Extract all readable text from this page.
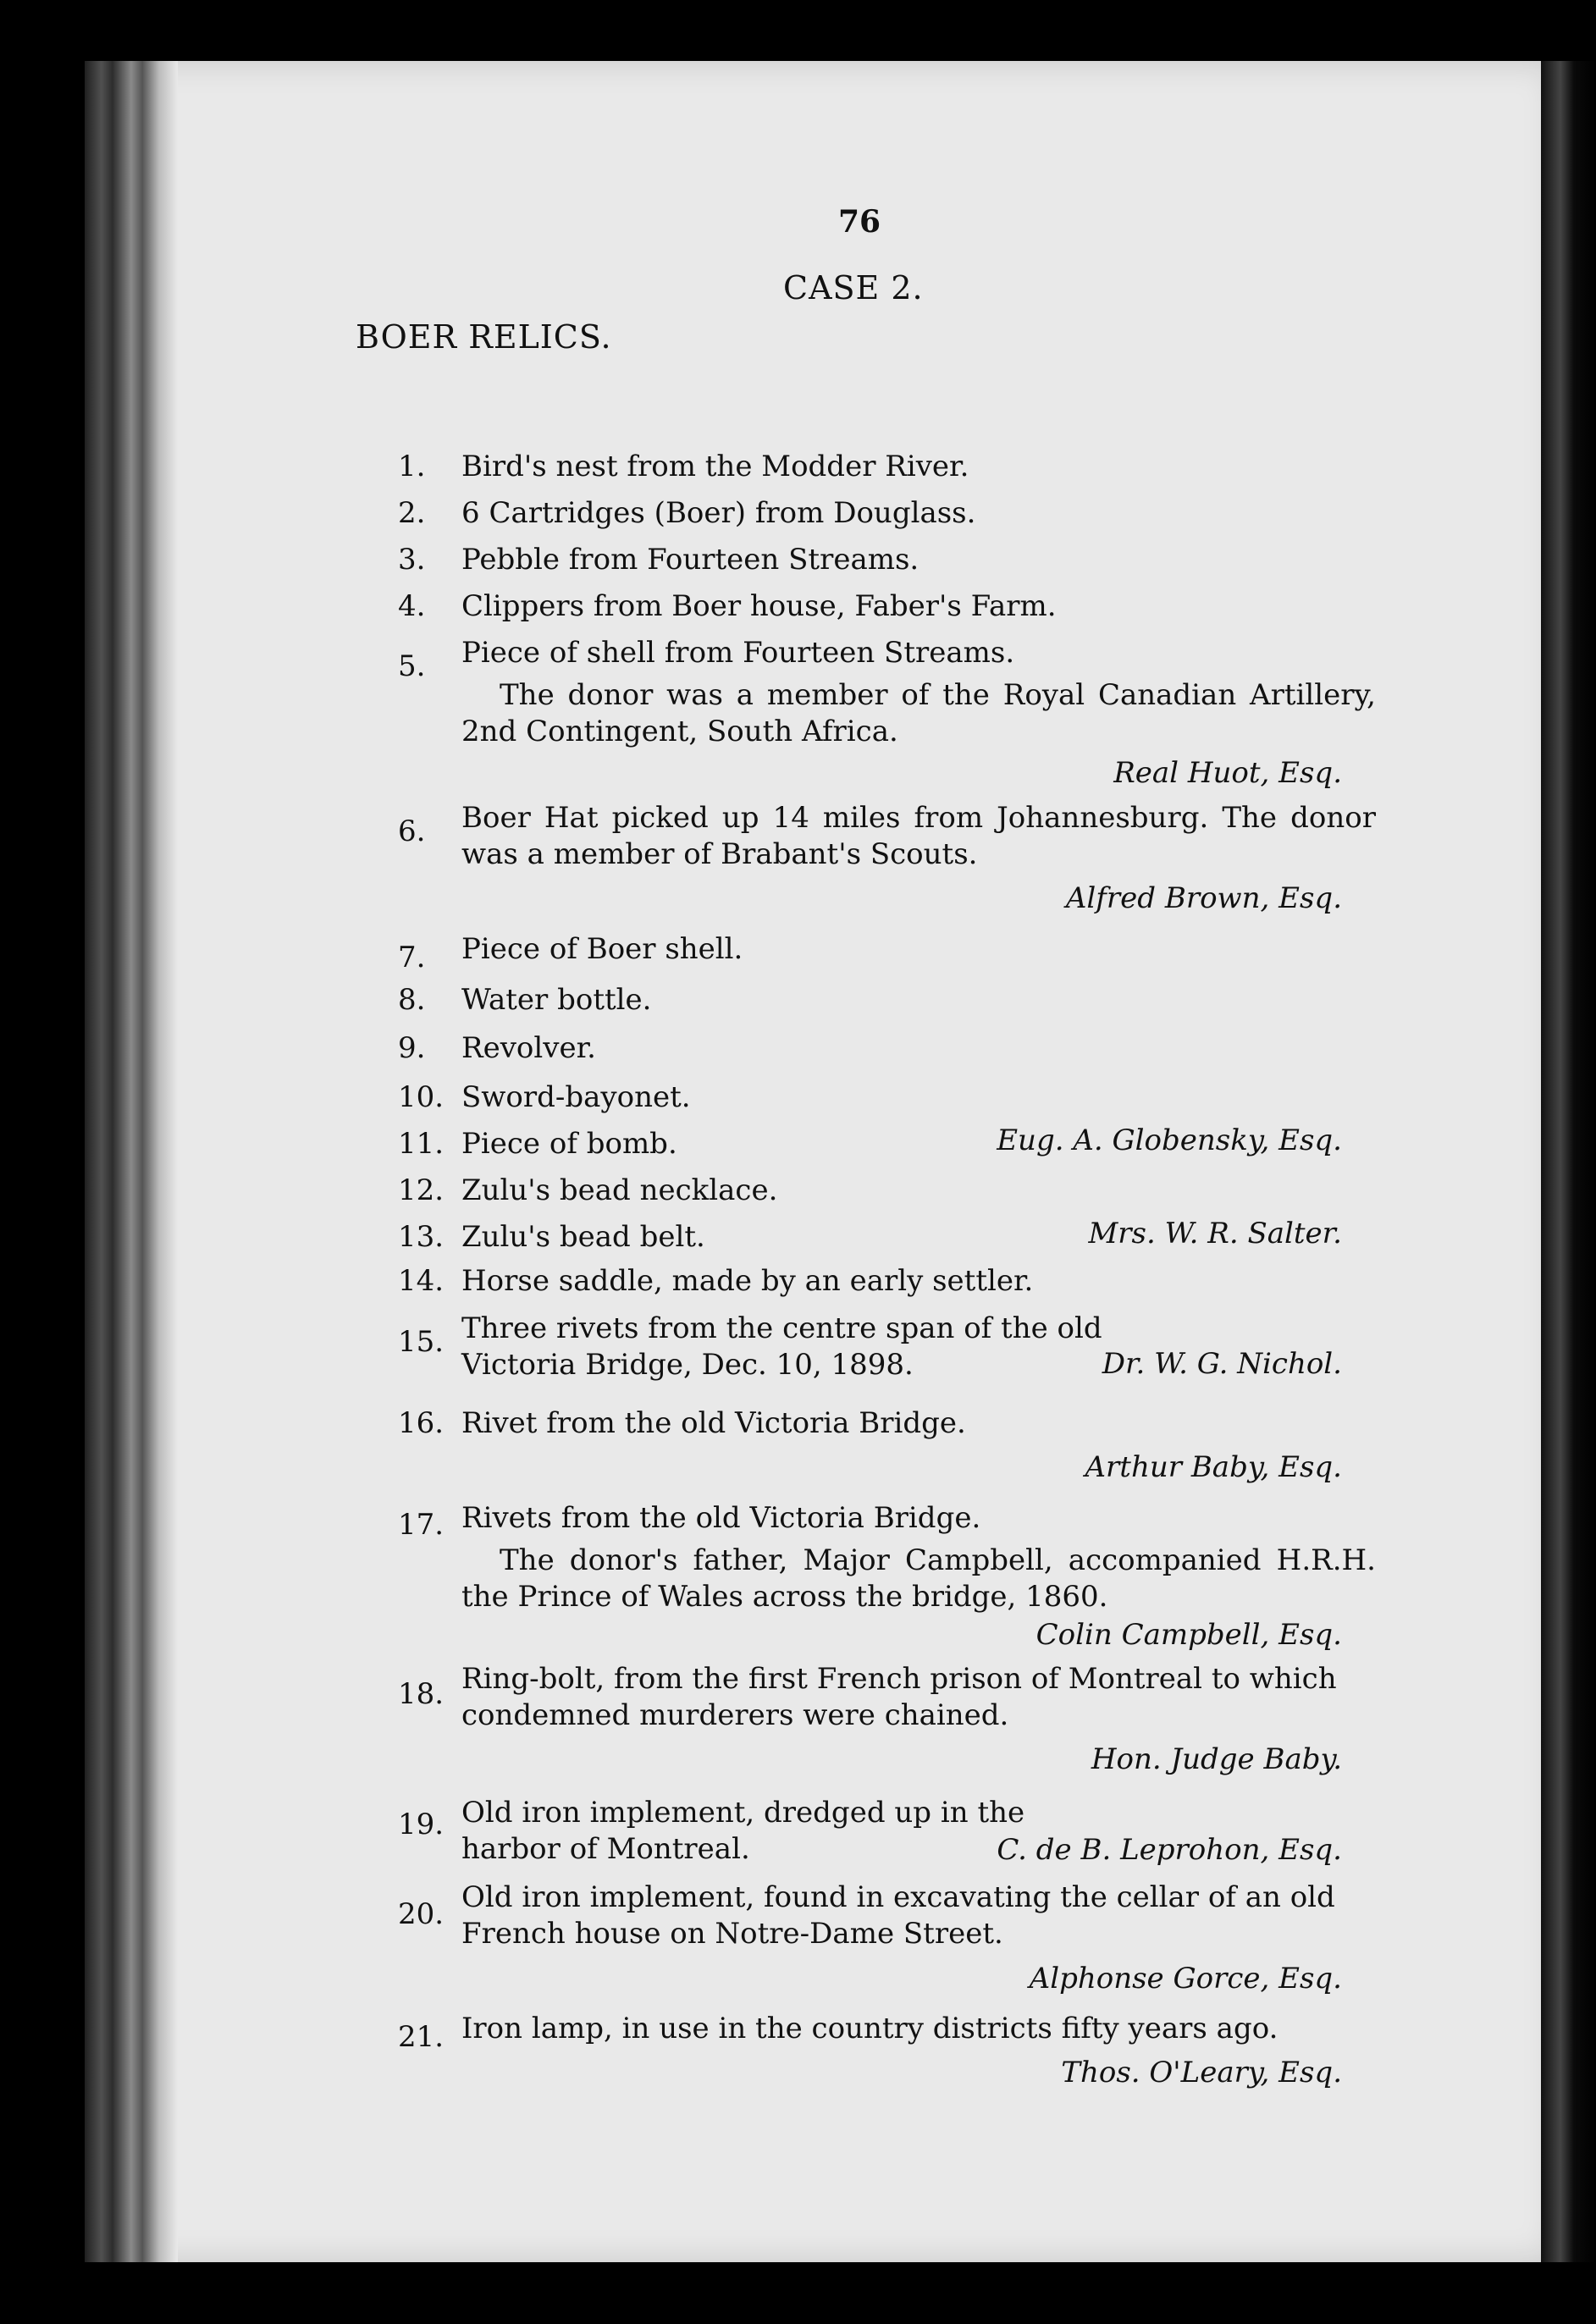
76
CASE 2.
BOER RELICS.
1.	Bird's nest from the Modder River.
2.	6 Cartridges (Boer) from Douglass.
3.	Pebble from Fourteen Streams.
4.	Clippers from Boer house, Faber's Farm.
5.	Piece of shell from Fourteen Streams.
The donor was a member of the Royal Canadian Artillery, 2nd Contingent, South Africa.
Real Huot, Esq.
6.	Boer Hat picked up 14 miles from Johannesburg. The donor was a member of Brabant's Scouts.
Alfred Brown, Esq.
7.	Piece of Boer shell.
8.	Water bottle.
9.	Revolver.
10. Sword-bayonet.
11. Piece of bomb.	Eug. A. Globensky, Esq.
12. Zulu's bead necklace.
13. Zulu's bead belt.	Mrs. W. R. Salter.
14. Horse saddle, made by an early settler.
15. Three rivets from the centre span of the old Victoria Bridge, Dec. 10, 1898.	Dr. W. G. Nichol.
16. Rivet from the old Victoria Bridge.
Arthur Baby, Esq.
17. Rivets from the old Victoria Bridge.
The donor's father, Major Campbell, accompanied H.R.H. the Prince of Wales across the bridge, 1860.
Colin Campbell, Esq.
18. Ring-bolt, from the first French prison of Montreal to which condemned murderers were chained.
Hon. Judge Baby.
19. Old iron implement, dredged up in the harbor of Montreal.	C. de B. Leprohon, Esq.
20. Old iron implement, found in excavating the cellar of an old French house on Notre-Dame Street.
Alphonse Gorce, Esq.
21. Iron lamp, in use in the country districts fifty years ago.
Thos. O'Leary, Esq.
